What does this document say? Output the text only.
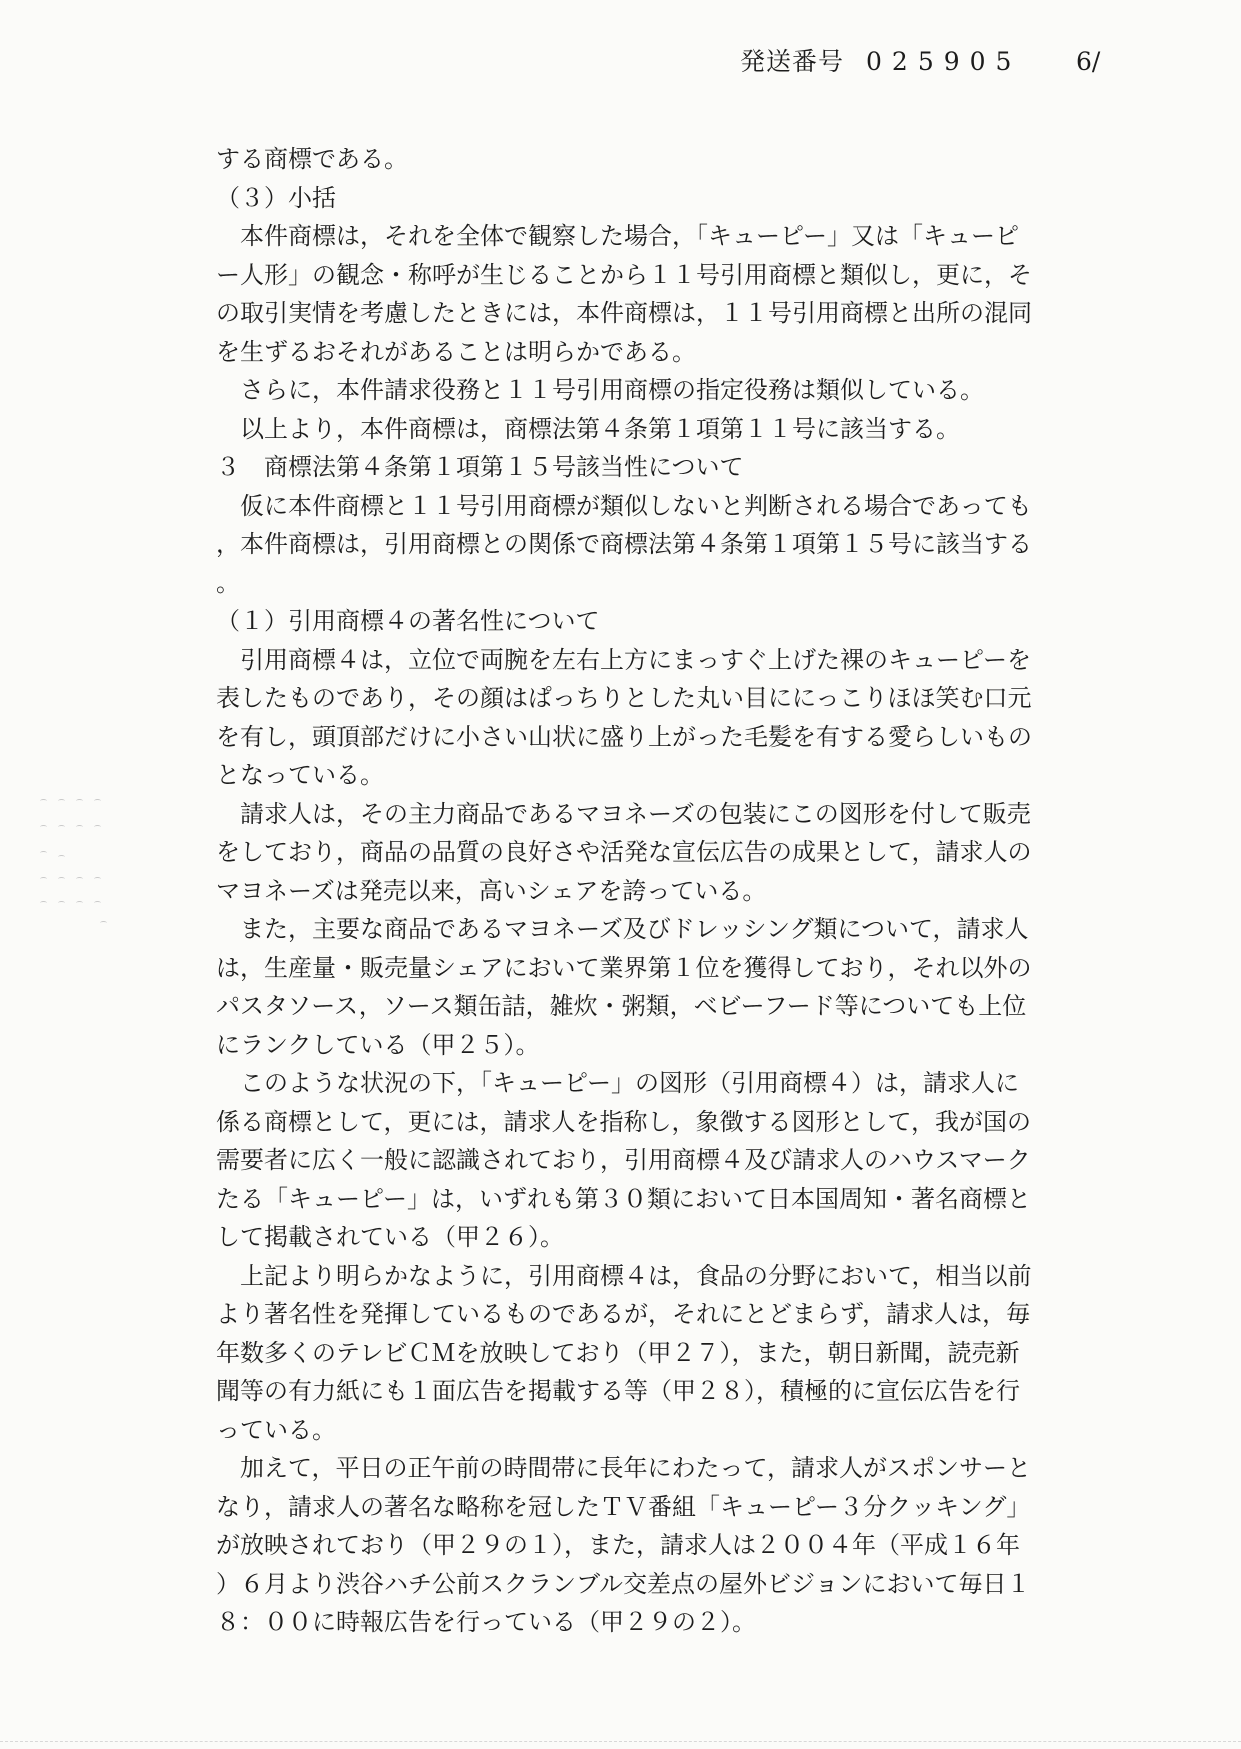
発送番号 025905 6/
する商標である。
（３）小括
　本件商標は，それを全体で観察した場合，「キューピー」又は「キューピ
ー人形」の観念・称呼が生じることから１１号引用商標と類似し，更に，そ
の取引実情を考慮したときには，本件商標は，１１号引用商標と出所の混同
を生ずるおそれがあることは明らかである。
　さらに，本件請求役務と１１号引用商標の指定役務は類似している。
　以上より，本件商標は，商標法第４条第１項第１１号に該当する。
３　商標法第４条第１項第１５号該当性について
　仮に本件商標と１１号引用商標が類似しないと判断される場合であっても
，本件商標は，引用商標との関係で商標法第４条第１項第１５号に該当する
。
（１）引用商標４の著名性について
　引用商標４は，立位で両腕を左右上方にまっすぐ上げた裸のキューピーを
表したものであり，その顔はぱっちりとした丸い目ににっこりほほ笑む口元
を有し，頭頂部だけに小さい山状に盛り上がった毛髪を有する愛らしいもの
となっている。
　請求人は，その主力商品であるマヨネーズの包装にこの図形を付して販売
をしており，商品の品質の良好さや活発な宣伝広告の成果として，請求人の
マヨネーズは発売以来，高いシェアを誇っている。
　また，主要な商品であるマヨネーズ及びドレッシング類について，請求人
は，生産量・販売量シェアにおいて業界第１位を獲得しており，それ以外の
パスタソース，ソース類缶詰，雑炊・粥類，ベビーフード等についても上位
にランクしている（甲２５）。
　このような状況の下，「キューピー」の図形（引用商標４）は，請求人に
係る商標として，更には，請求人を指称し，象徴する図形として，我が国の
需要者に広く一般に認識されており，引用商標４及び請求人のハウスマーク
たる「キューピー」は，いずれも第３０類において日本国周知・著名商標と
して掲載されている（甲２６）。
　上記より明らかなように，引用商標４は，食品の分野において，相当以前
より著名性を発揮しているものであるが，それにとどまらず，請求人は，毎
年数多くのテレビＣＭを放映しており（甲２７），また，朝日新聞，読売新
聞等の有力紙にも１面広告を掲載する等（甲２８），積極的に宣伝広告を行
っている。
　加えて，平日の正午前の時間帯に長年にわたって，請求人がスポンサーと
なり，請求人の著名な略称を冠したＴＶ番組「キューピー３分クッキング」
が放映されており（甲２９の１），また，請求人は２００４年（平成１６年
）６月より渋谷ハチ公前スクランブル交差点の屋外ビジョンにおいて毎日１
８：００に時報広告を行っている（甲２９の２）。
